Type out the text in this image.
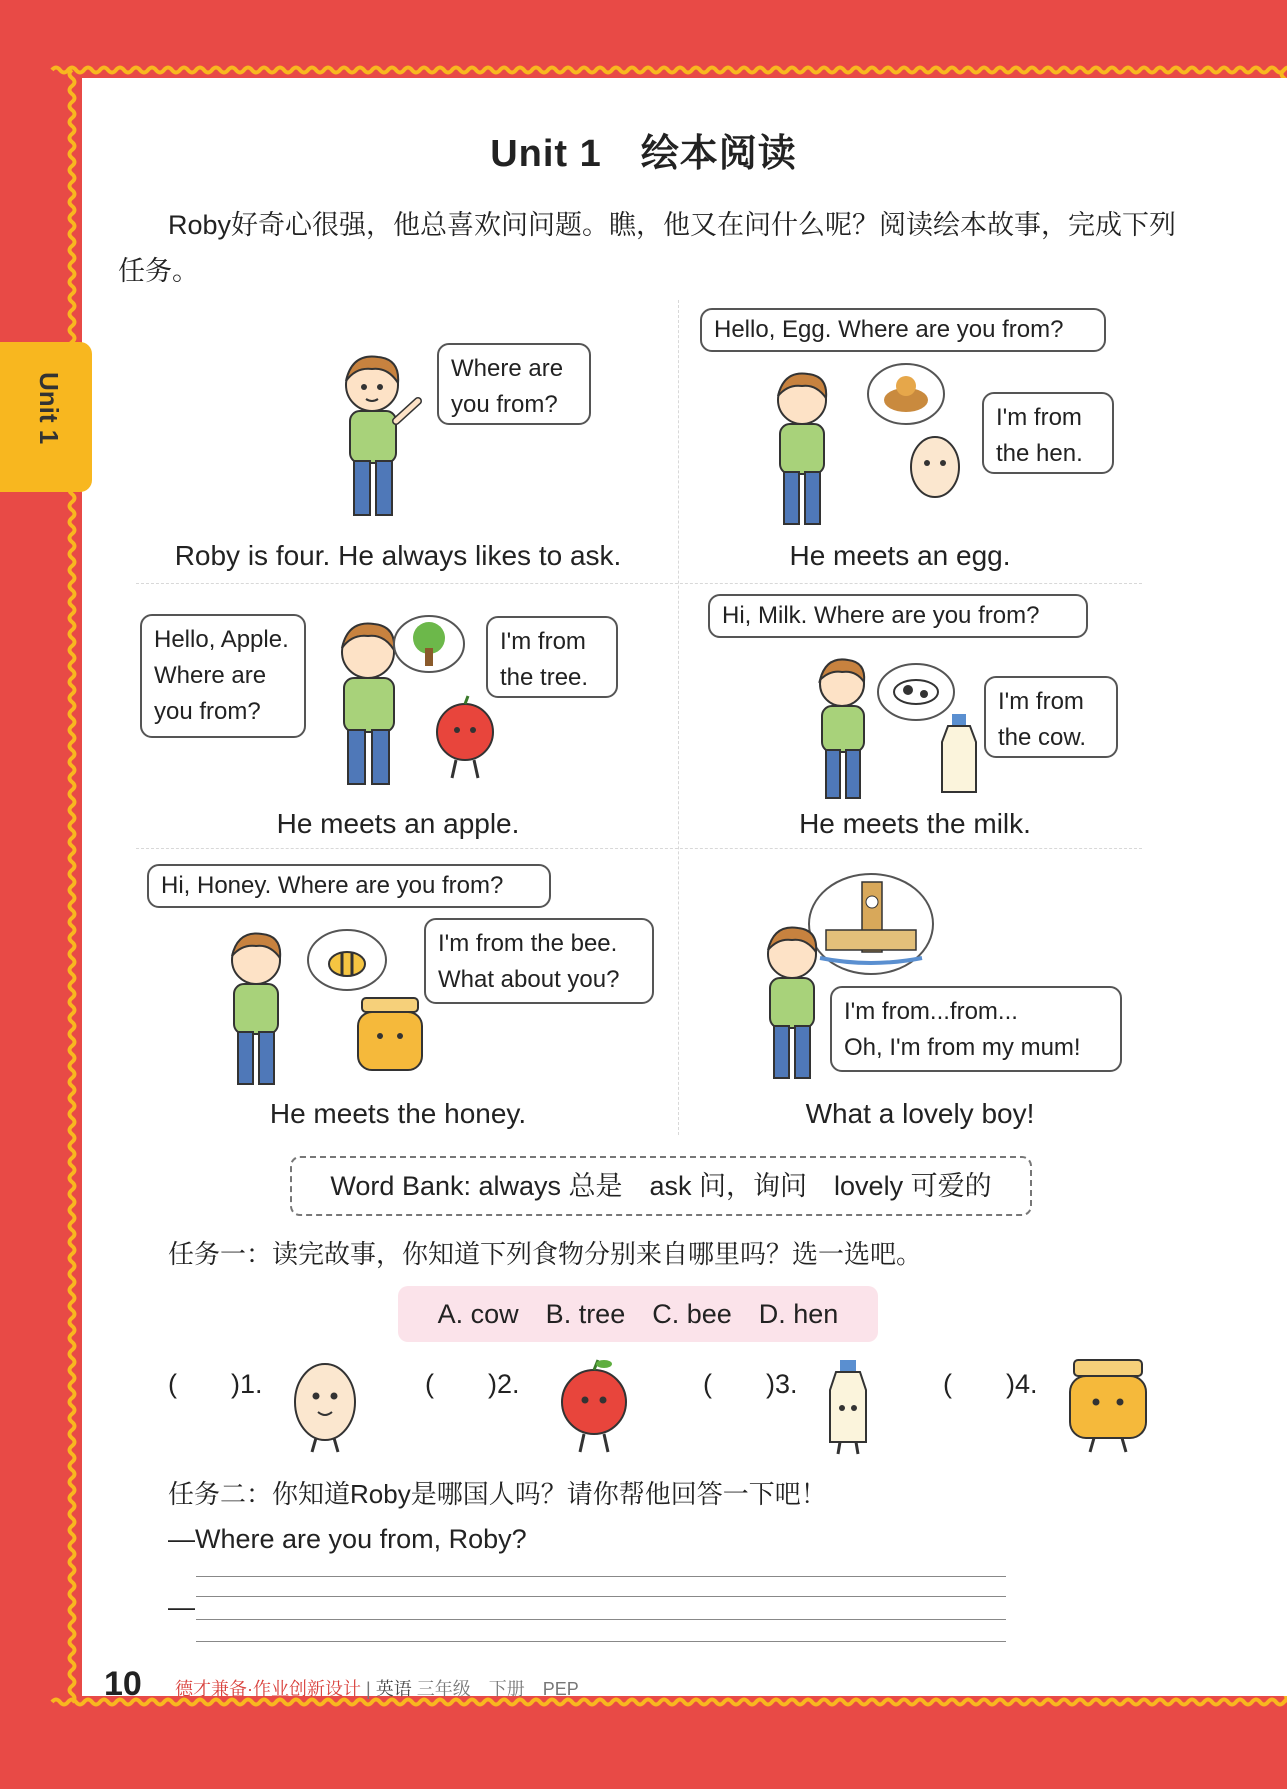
Unit 1
Unit 1　绘本阅读
Roby好奇心很强，他总喜欢问问题。瞧，他又在问什么呢？阅读绘本故事，完成下列任务。
Where are
you from?
Roby is four. He always likes to ask.
Hello, Egg. Where are you from?
I'm from
the hen.
He meets an egg.
Hello, Apple.
Where are
you from?
I'm from
the tree.
He meets an apple.
Hi, Milk. Where are you from?
I'm from
the cow.
He meets the milk.
Hi, Honey. Where are you from?
I'm from the bee.
What about you?
He meets the honey.
I'm from...from...
Oh, I'm from my mum!
What a lovely boy!
Word Bank: always 总是　ask 问，询问　lovely 可爱的
任务一：读完故事，你知道下列食物分别来自哪里吗？选一选吧。
A. cow　B. tree　C. bee　D. hen
(　　)1.	(　　)2.	(　　)3.	(　　)4.
任务二：你知道Roby是哪国人吗？请你帮他回答一下吧！
—Where are you from, Roby?
—
10 德才兼备·作业创新设计 | 英语 三年级　下册　PEP
